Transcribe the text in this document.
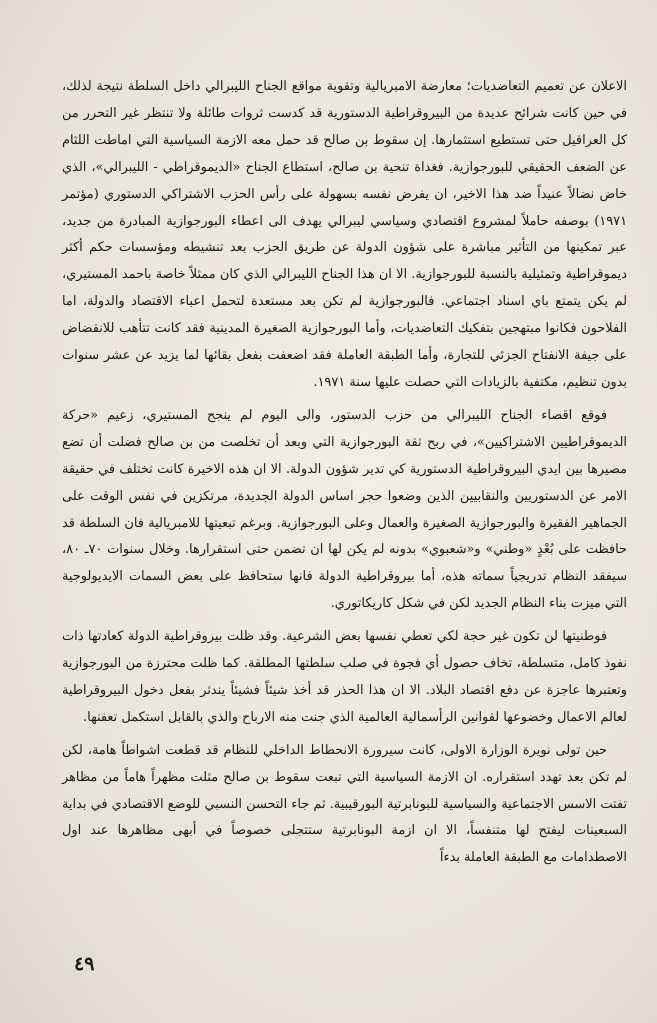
الاعلان عن تعميم التعاضديات؛ معارضة الامبريالية وتقوية مواقع الجناح الليبرالي داخل السلطة نتيجة لذلك، في حين كانت شرائح عديدة من البيروقراطية الدستورية قد كدست ثروات طائلة ولا تنتظر غير التحرر من كل العراقيل حتى تستطيع استثمارها. إن سقوط بن صالح قد حمل معه الازمة السياسية التي اماطت اللثام عن الضعف الحقيقي للبورجوازية. فغداة تنحية بن صالح، استطاع الجناح «الديموقراطي - الليبرالي»، الذي خاض نضالاً عنيداً ضد هذا الاخير، ان يفرض نفسه بسهولة على رأس الحزب الاشتراكي الدستوري (مؤتمر ١٩٧١) بوصفه حاملاً لمشروع اقتصادي وسياسي ليبرالي يهدف الى اعطاء البورجوازية المبادرة من جديد، عبر تمكينها من التأثير مباشرة على شؤون الدولة عن طريق الحزب بعد تنشيطه ومؤسسات حكم أكثر ديموقراطية وتمثيلية بالنسبة للبورجوازية. الا ان هذا الجناح الليبرالي الذي كان ممثلاً خاصة باحمد المستيري، لم يكن يتمتع باي اسناد اجتماعي. فالبورجوازية لم تكن بعد مستعدة لتحمل اعباء الاقتصاد والدولة، اما الفلاحون فكانوا مبتهجين بتفكيك التعاضديات، وأما البورجوازية الصغيرة المدينية فقد كانت تتأهب للانقضاض على جيفة الانفتاح الجزئي للتجارة، وأما الطبقة العاملة فقد اضعفت بفعل بقائها لما يزيد عن عشر سنوات بدون تنظيم، مكتفية بالزيادات التي حصلت عليها سنة ١٩٧١.

فوقع اقصاء الجناح الليبرالي من حزب الدستور، والى اليوم لم ينجح المستيري، زعيم «حركة الديموقراطيين الاشتراكيين»، في ربح ثقة البورجوازية التي وبعد أن تخلصت من بن صالح فضلت أن تضع مصيرها بين ايدي البيروقراطية الدستورية كي تدير شؤون الدولة. الا ان هذه الاخيرة كانت تختلف في حقيقة الامر عن الدستوريين والنقابيين الذين وضعوا حجر اساس الدولة الجديدة، مرتكزين في نفس الوقت على الجماهير الفقيرة والبورجوازية الصغيرة والعمال وعلى البورجوازية. وبرغم تبعيتها للامبريالية فان السلطة قد حافظت على بُعْدٍ «وطني» و«شعبوي» بدونه لم يكن لها ان تضمن حتى استقرارها. وخلال سنوات ٧٠ـ ٨٠، سيفقد النظام تدريجياً سماته هذه، أما بيروقراطية الدولة فانها ستحافظ على بعض السمات الايديولوجية التي ميزت بناء النظام الجديد لكن في شكل كاريكاتوري.

فوطنيتها لن تكون غير حجة لكي تعطي نفسها بعض الشرعية. وقد ظلت بيروقراطية الدولة كعادتها ذات نفوذ كامل، متسلطة، تخاف حصول أي فجوة في صلب سلطتها المطلقة. كما ظلت محترزة من البورجوازية وتعتبرها عاجزة عن دفع اقتصاد البلاد. الا ان هذا الحذر قد أخذ شيئاً فشيئاً يندثر بفعل دخول البيروقراطية لعالم الاعمال وخضوعها لقوانين الرأسمالية العالمية الذي جنت منه الارباح والذي بالقابل استكمل تعفنها.

حين تولى نويرة الوزارة الاولى، كانت سيرورة الانحطاط الداخلي للنظام قد قطعت اشواطاً هامة، لكن لم تكن بعد تهدد استقراره. ان الازمة السياسية التي تبعت سقوط بن صالح مثلت مظهراً هاماً من مظاهر تفتت الاسس الاجتماعية والسياسية للبونابرتية البورقيبية. ثم جاء التحسن النسبي للوضع الاقتصادي في بداية السبعينات ليفتح لها متنفساً، الا ان ازمة البونابرتية ستتجلى خصوصاً في أبهى مظاهرها عند اول الاصطدامات مع الطبقة العاملة بدءاً

٤٩
